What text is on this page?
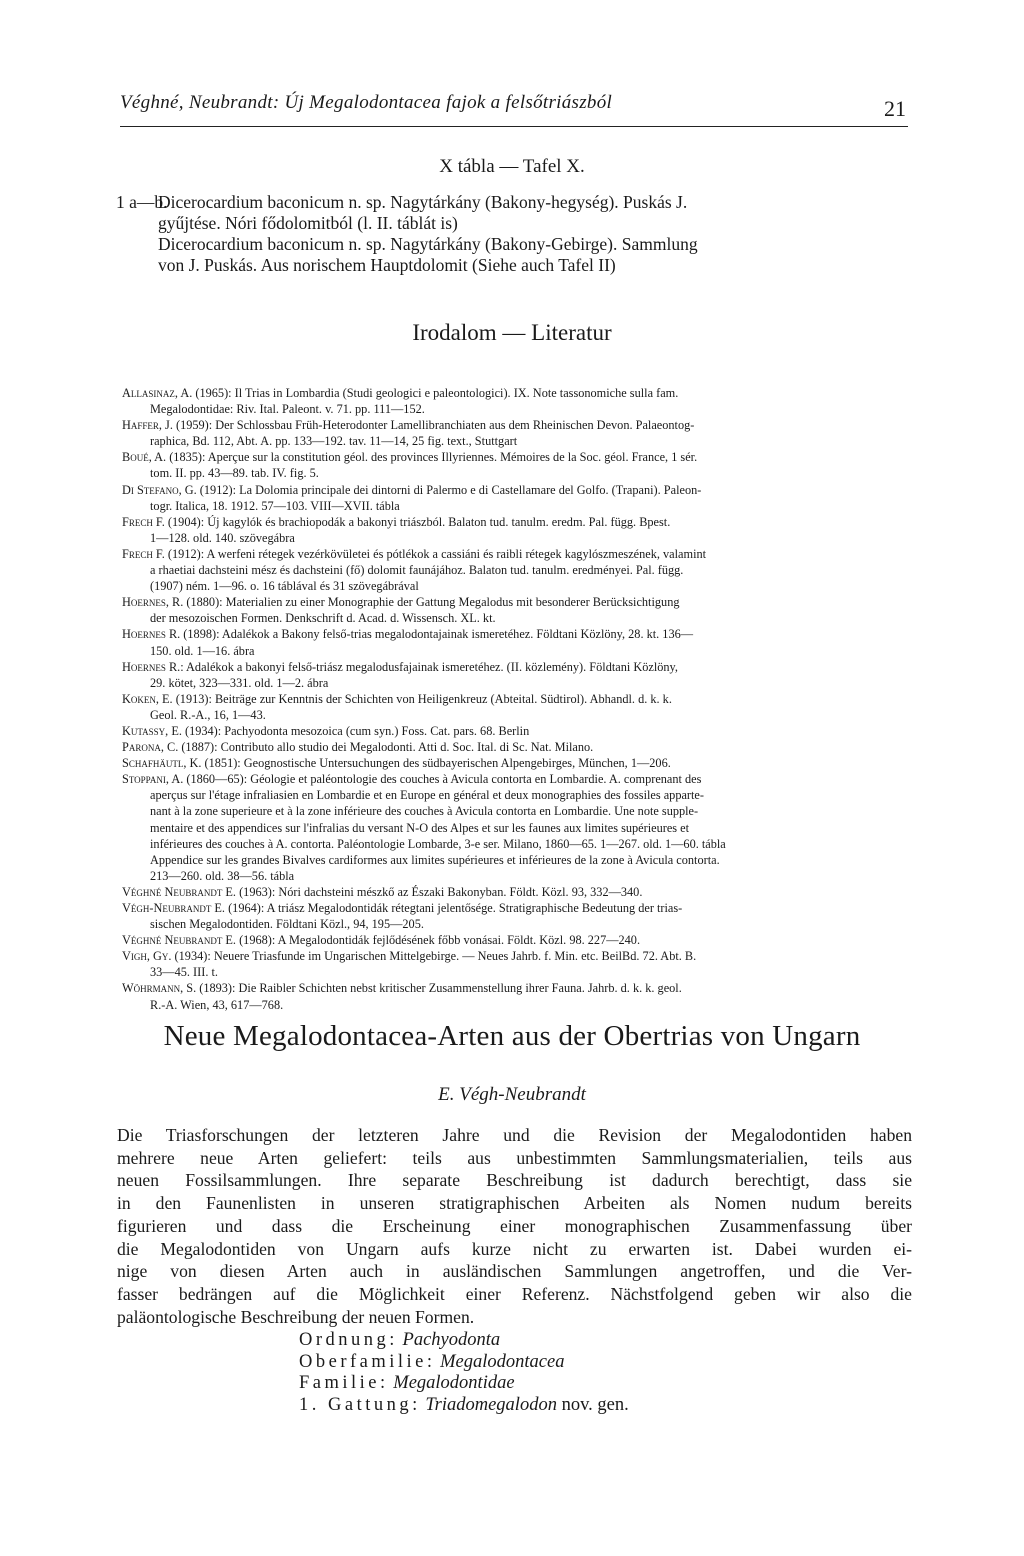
Véghné, Neubrandt: Új Megalodontacea fajok a felsőtriászból	21
X tábla — Tafel X.
1 a—b.
Dicerocardium baconicum n. sp. Nagytárkány (Bakony-hegység). Puskás J.
gyűjtése. Nóri fődolomitból (l. II. táblát is)
Dicerocardium baconicum n. sp. Nagytárkány (Bakony-Gebirge). Sammlung
von J. Puskás. Aus norischem Hauptdolomit (Siehe auch Tafel II)
Irodalom — Literatur
Allasinaz, A. (1965): Il Trias in Lombardia (Studi geologici e paleontologici). IX. Note tassonomiche sulla fam.
Megalodontidae: Riv. Ital. Paleont. v. 71. pp. 111—152.
Haffer, J. (1959): Der Schlossbau Früh-Heterodonter Lamellibranchiaten aus dem Rheinischen Devon. Palaeontog-
raphica, Bd. 112, Abt. A. pp. 133—192. tav. 11—14, 25 fig. text., Stuttgart
Boué, A. (1835): Aperçue sur la constitution géol. des provinces Illyriennes. Mémoires de la Soc. géol. France, 1 sér.
tom. II. pp. 43—89. tab. IV. fig. 5.
Di Stefano, G. (1912): La Dolomia principale dei dintorni di Palermo e di Castellamare del Golfo. (Trapani). Paleon-
togr. Italica, 18. 1912. 57—103. VIII—XVII. tábla
Frech F. (1904): Új kagylók és brachiopodák a bakonyi triászból. Balaton tud. tanulm. eredm. Pal. függ. Bpest.
1—128. old. 140. szövegábra
Frech F. (1912): A werfeni rétegek vezérkövületei és pótlékok a cassiáni és raibli rétegek kagylószmeszének, valamint
a rhaetiai dachsteini mész és dachsteini (fő) dolomit faunájához. Balaton tud. tanulm. eredményei. Pal. függ.
(1907) ném. 1—96. o. 16 táblával és 31 szövegábrával
Hoernes, R. (1880): Materialien zu einer Monographie der Gattung Megalodus mit besonderer Berücksichtigung
der mesozoischen Formen. Denkschrift d. Acad. d. Wissensch. XL. kt.
Hoernes R. (1898): Adalékok a Bakony felső-trias megalodontajainak ismeretéhez. Földtani Közlöny, 28. kt. 136—
150. old. 1—16. ábra
Hoernes R.: Adalékok a bakonyi felső-triász megalodusfajainak ismeretéhez. (II. közlemény). Földtani Közlöny,
29. kötet, 323—331. old. 1—2. ábra
Koken, E. (1913): Beiträge zur Kenntnis der Schichten von Heiligenkreuz (Abteital. Südtirol). Abhandl. d. k. k.
Geol. R.-A., 16, 1—43.
Kutassy, E. (1934): Pachyodonta mesozoica (cum syn.) Foss. Cat. pars. 68. Berlin
Parona, C. (1887): Contributo allo studio dei Megalodonti. Atti d. Soc. Ital. di Sc. Nat. Milano.
Schafhäutl, K. (1851): Geognostische Untersuchungen des südbayerischen Alpengebirges, München, 1—206.
Stoppani, A. (1860—65): Géologie et paléontologie des couches à Avicula contorta en Lombardie. A. comprenant des
aperçus sur l'étage infraliasien en Lombardie et en Europe en général et deux monographies des fossiles apparte-
nant à la zone superieure et à la zone inférieure des couches à Avicula contorta en Lombardie. Une note supple-
mentaire et des appendices sur l'infralias du versant N-O des Alpes et sur les faunes aux limites supérieures et
inférieures des couches à A. contorta. Paléontologie Lombarde, 3-e ser. Milano, 1860—65. 1—267. old. 1—60. tábla
Appendice sur les grandes Bivalves cardiformes aux limites supérieures et inférieures de la zone à Avicula contorta.
213—260. old. 38—56. tábla
Véghné Neubrandt E. (1963): Nóri dachsteini mészkő az Északi Bakonyban. Földt. Közl. 93, 332—340.
Végh-Neubrandt E. (1964): A triász Megalodontidák rétegtani jelentősége. Stratigraphische Bedeutung der trias-
sischen Megalodontiden. Földtani Közl., 94, 195—205.
Véghné Neubrandt E. (1968): A Megalodontidák fejlődésének főbb vonásai. Földt. Közl. 98. 227—240.
Vigh, Gy. (1934): Neuere Triasfunde im Ungarischen Mittelgebirge. — Neues Jahrb. f. Min. etc. BeilBd. 72. Abt. B.
33—45. III. t.
Wöhrmann, S. (1893): Die Raibler Schichten nebst kritischer Zusammenstellung ihrer Fauna. Jahrb. d. k. k. geol.
R.-A. Wien, 43, 617—768.
Neue Megalodontacea-Arten aus der Obertrias von Ungarn
E. Végh-Neubrandt
Die Triasforschungen der letzteren Jahre und die Revision der Megalodontiden haben
mehrere neue Arten geliefert: teils aus unbestimmten Sammlungsmaterialien, teils aus
neuen Fossilsammlungen. Ihre separate Beschreibung ist dadurch berechtigt, dass sie
in den Faunenlisten in unseren stratigraphischen Arbeiten als Nomen nudum bereits
figurieren und dass die Erscheinung einer monographischen Zusammenfassung über
die Megalodontiden von Ungarn aufs kurze nicht zu erwarten ist. Dabei wurden ei-
nige von diesen Arten auch in ausländischen Sammlungen angetroffen, und die Ver-
fasser bedrängen auf die Möglichkeit einer Referenz. Nächstfolgend geben wir also die
paläontologische Beschreibung der neuen Formen.
Ordnung: Pachyodonta
Oberfamilie: Megalodontacea
Familie: Megalodontidae
1. Gattung: Triadomegalodon nov. gen.
